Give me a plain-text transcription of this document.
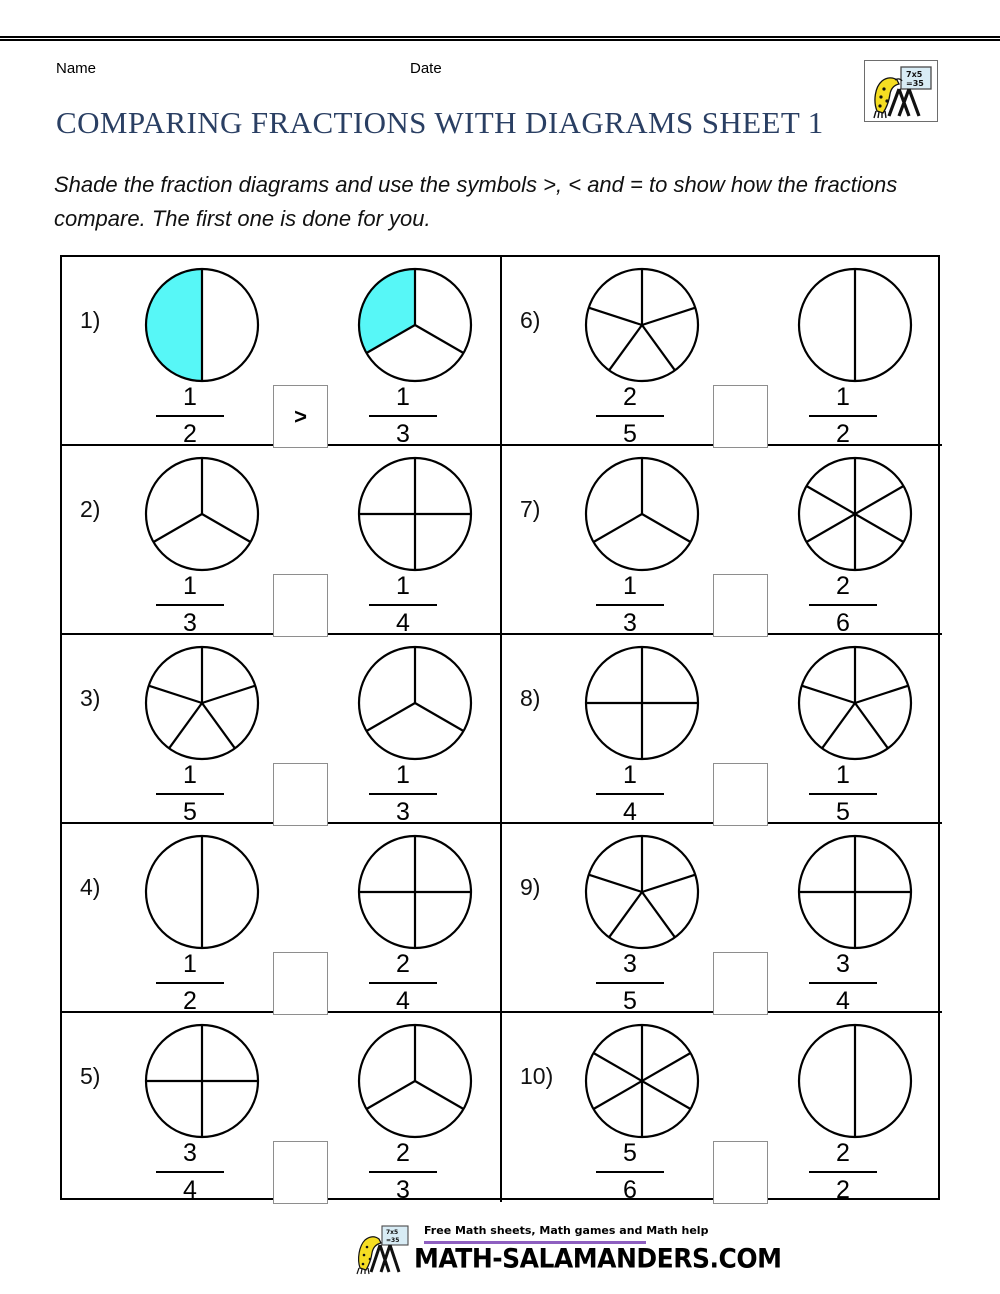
Name	Date	7x5
=35
COMPARING FRACTIONS WITH DIAGRAMS SHEET 1
Shade the fraction diagrams and use the symbols >, < and = to show how the fractions compare. The first one is done for you.
1)
1
2
1
3
>
6)
2
5
1
2
2)
1
3
1
4
7)
1
3
2
6
3)
1
5
1
3
8)
1
4
1
5
4)
1
2
2
4
9)
3
5
3
4
5)
3
4
2
3
10)
5
6
2
2
7x5
=35
Free Math sheets, Math games and Math help
MATH-SALAMANDERS.COM
